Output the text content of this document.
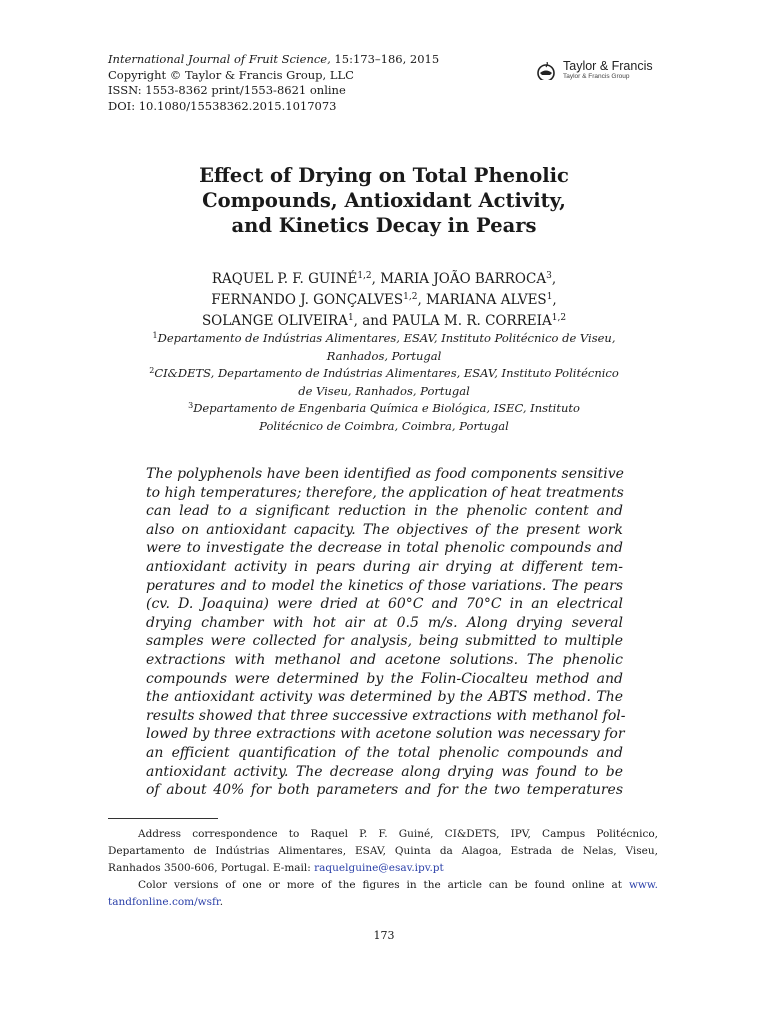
International Journal of Fruit Science, 15:173–186, 2015
Copyright © Taylor & Francis Group, LLC
ISSN: 1553-8362 print/1553-8621 online
DOI: 10.1080/15538362.2015.1017073
Taylor & Francis
Taylor & Francis Group
Effect of Drying on Total Phenolic
Compounds, Antioxidant Activity,
and Kinetics Decay in Pears
RAQUEL P. F. GUINÉ$^{1,2}$, MARIA JOÃO BARROCA$^3$,
FERNANDO J. GONÇALVES$^{1,2}$, MARIANA ALVES$^1$,
SOLANGE OLIVEIRA$^1$, and PAULA M. R. CORREIA$^{1,2}$
$^1$Departamento de Indústrias Alimentares, ESAV, Instituto Politécnico de Viseu,
Ranhados, Portugal
$^2$CI&DETS, Departamento de Indústrias Alimentares, ESAV, Instituto Politécnico
de Viseu, Ranhados, Portugal
$^3$Departamento de Engenbaria Química e Biológica, ISEC, Instituto
Politécnico de Coimbra, Coimbra, Portugal
The polyphenols have been identified as food components sensitive
to high temperatures; therefore, the application of heat treatments
can lead to a significant reduction in the phenolic content and
also on antioxidant capacity. The objectives of the present work
were to investigate the decrease in total phenolic compounds and
antioxidant activity in pears during air drying at different tem-
peratures and to model the kinetics of those variations. The pears
(cv. D. Joaquina) were dried at 60°C and 70°C in an electrical
drying chamber with hot air at 0.5 m/s. Along drying several
samples were collected for analysis, being submitted to multiple
extractions with methanol and acetone solutions. The phenolic
compounds were determined by the Folin-Ciocalteu method and
the antioxidant activity was determined by the ABTS method. The
results showed that three successive extractions with methanol fol-
lowed by three extractions with acetone solution was necessary for
an efficient quantification of the total phenolic compounds and
antioxidant activity. The decrease along drying was found to be
of about 40% for both parameters and for the two temperatures
Address correspondence to Raquel P. F. Guiné, CI&DETS, IPV, Campus Politécnico,
Departamento de Indústrias Alimentares, ESAV, Quinta da Alagoa, Estrada de Nelas, Viseu,
Ranhados 3500-606, Portugal. E-mail: raquelguine@esav.ipv.pt
Color versions of one or more of the figures in the article can be found online at www.
tandfonline.com/wsfr.
173
